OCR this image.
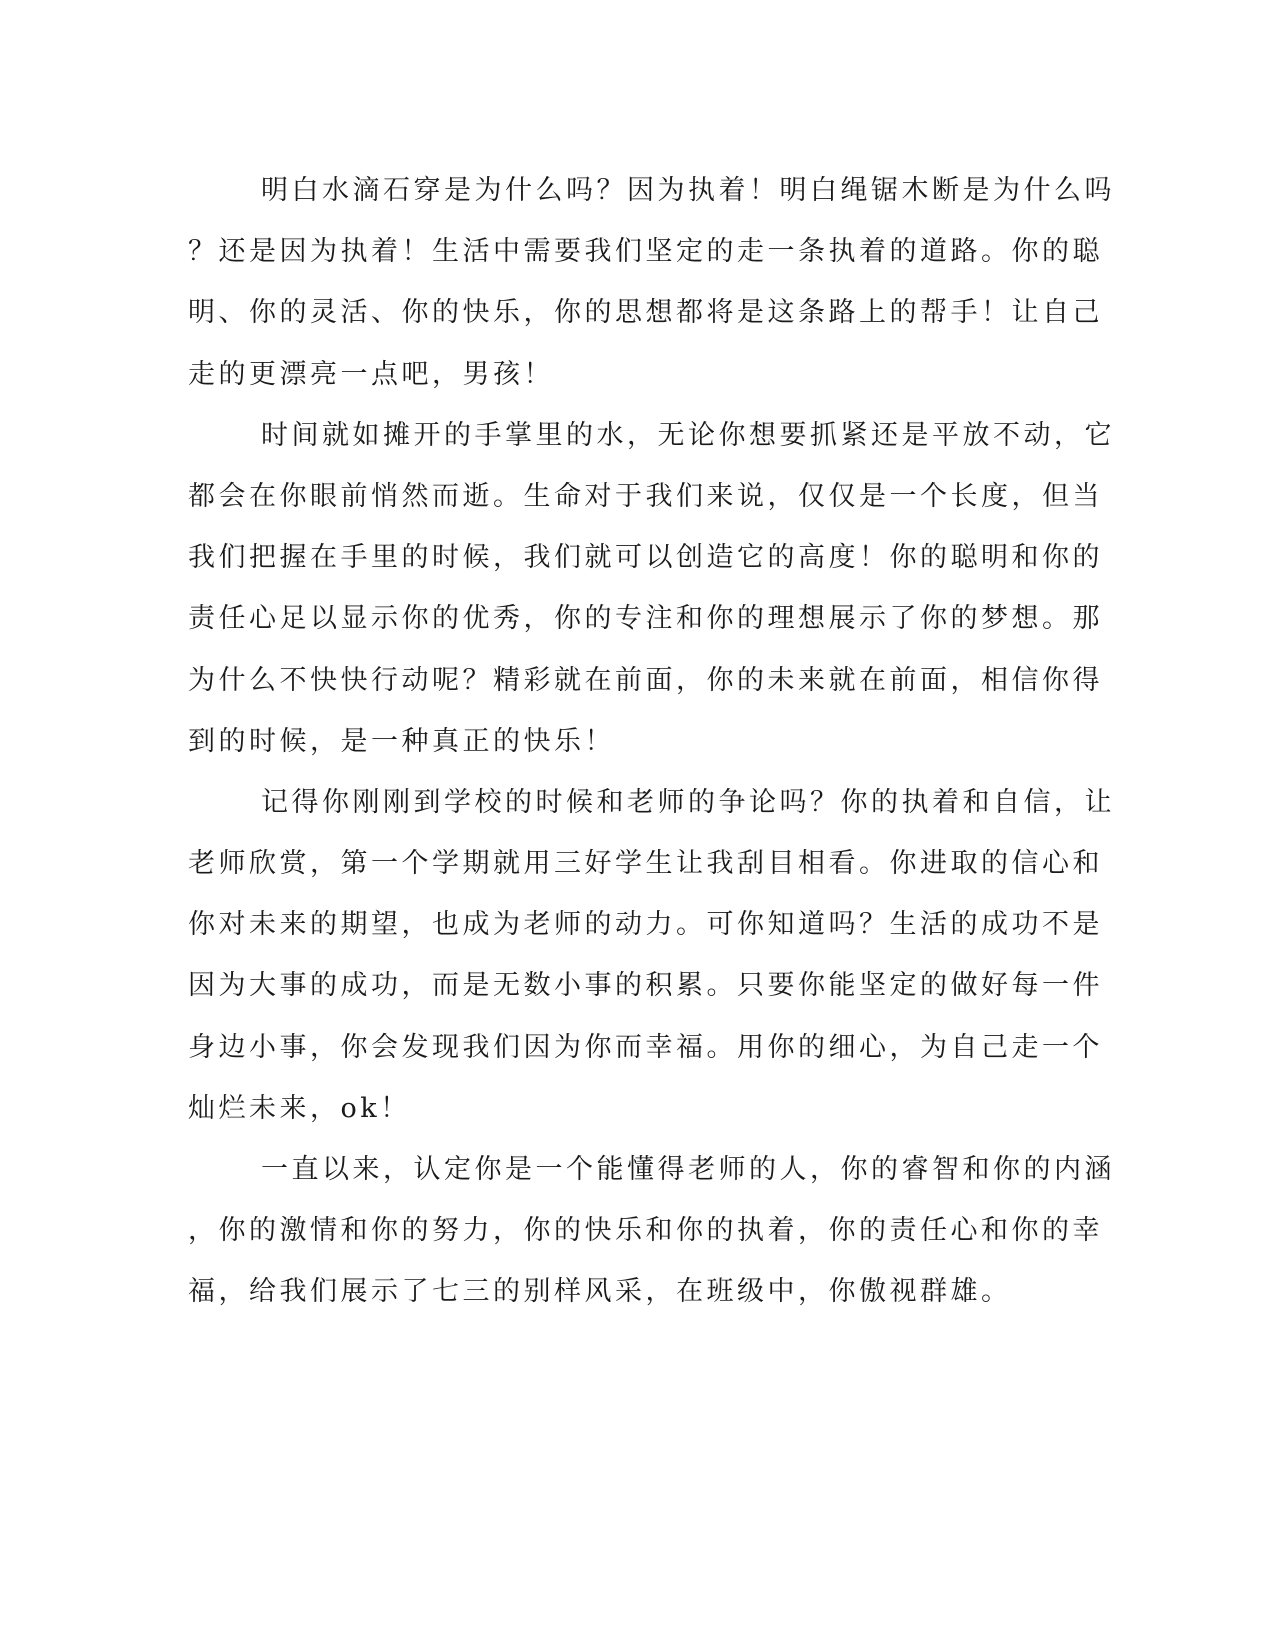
明白水滴石穿是为什么吗？因为执着！明白绳锯木断是为什么吗
？还是因为执着！生活中需要我们坚定的走一条执着的道路。你的聪
明、你的灵活、你的快乐，你的思想都将是这条路上的帮手！让自己
走的更漂亮一点吧，男孩！
时间就如摊开的手掌里的水，无论你想要抓紧还是平放不动，它
都会在你眼前悄然而逝。生命对于我们来说，仅仅是一个长度，但当
我们把握在手里的时候，我们就可以创造它的高度！你的聪明和你的
责任心足以显示你的优秀，你的专注和你的理想展示了你的梦想。那
为什么不快快行动呢？精彩就在前面，你的未来就在前面，相信你得
到的时候，是一种真正的快乐！
记得你刚刚到学校的时候和老师的争论吗？你的执着和自信，让
老师欣赏，第一个学期就用三好学生让我刮目相看。你进取的信心和
你对未来的期望，也成为老师的动力。可你知道吗？生活的成功不是
因为大事的成功，而是无数小事的积累。只要你能坚定的做好每一件
身边小事，你会发现我们因为你而幸福。用你的细心，为自己走一个
灿烂未来，ok！
一直以来，认定你是一个能懂得老师的人，你的睿智和你的内涵
，你的激情和你的努力，你的快乐和你的执着，你的责任心和你的幸
福，给我们展示了七三的别样风采，在班级中，你傲视群雄。
